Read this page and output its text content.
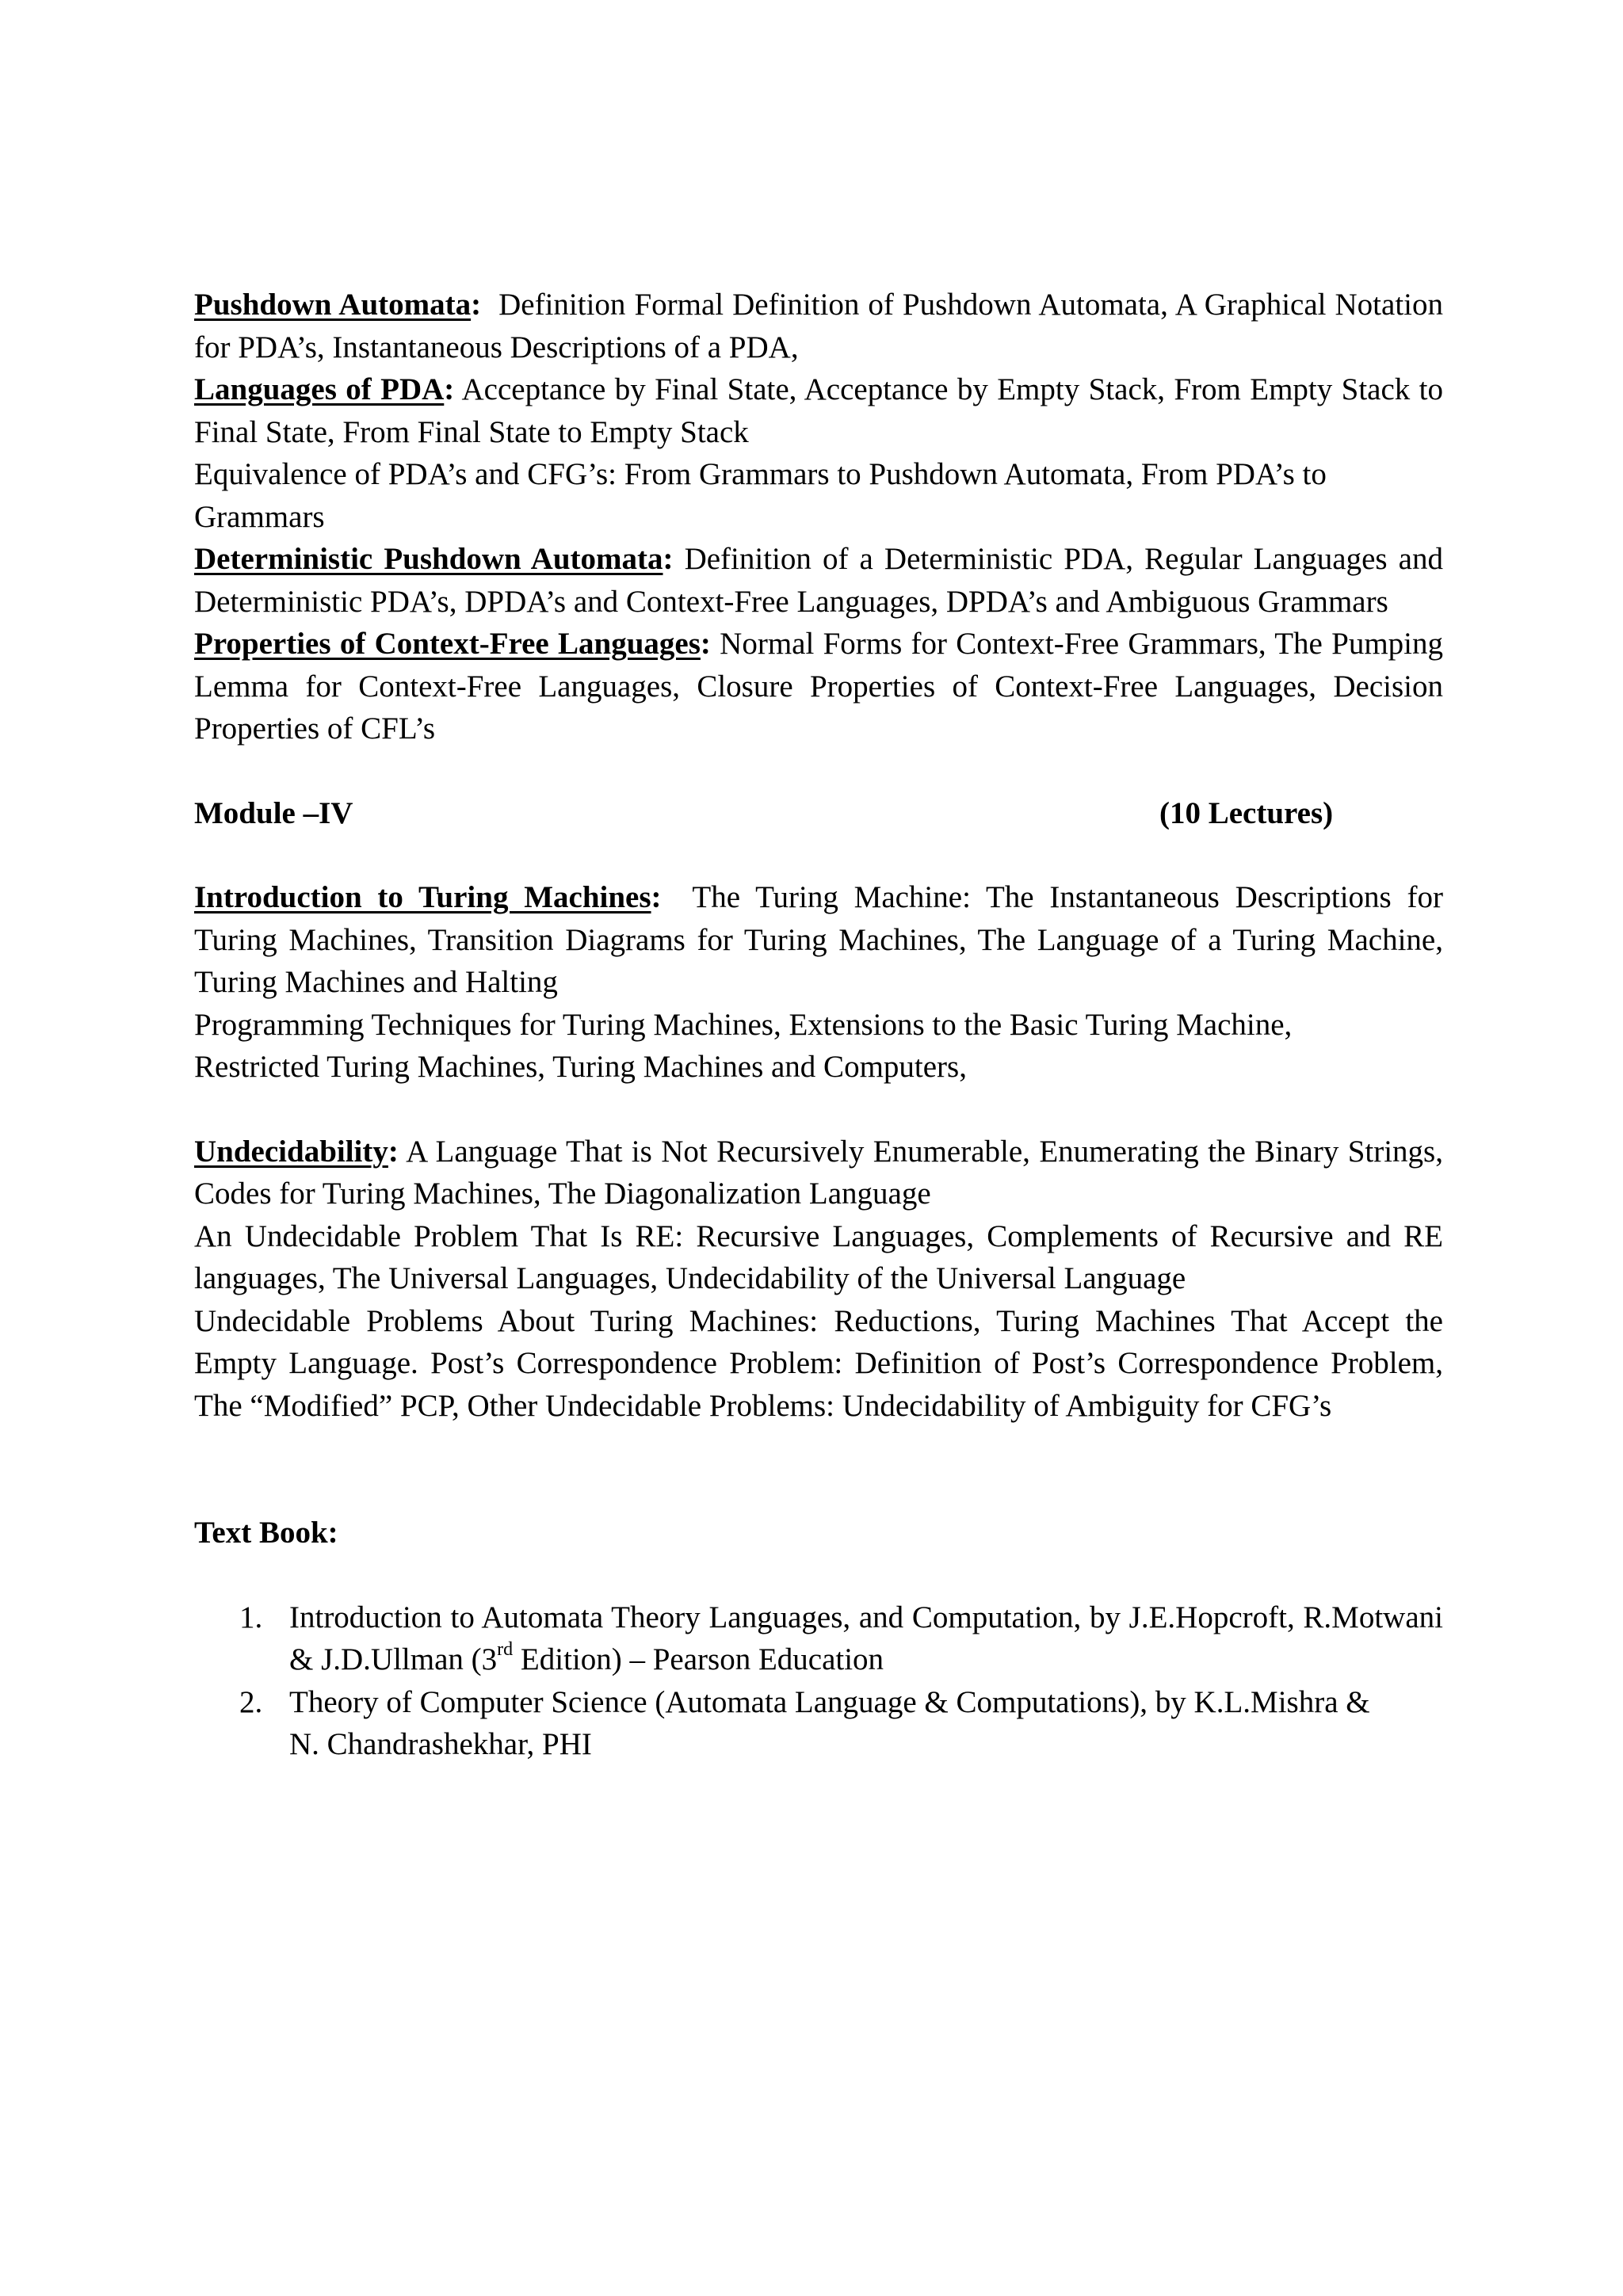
Pushdown Automata:  Definition Formal Definition of Pushdown Automata, A Graphical Notation for PDA’s, Instantaneous Descriptions of a PDA,

Languages of PDA: Acceptance by Final State, Acceptance by Empty Stack, From Empty Stack to Final State, From Final State to Empty Stack

Equivalence of PDA’s and CFG’s: From Grammars to Pushdown Automata, From PDA’s to
Grammars

Deterministic Pushdown Automata: Definition of a Deterministic PDA, Regular Languages and Deterministic PDA’s, DPDA’s and Context-Free Languages, DPDA’s and Ambiguous Grammars

Properties of Context-Free Languages: Normal Forms for Context-Free Grammars, The Pumping Lemma for Context-Free Languages, Closure Properties of Context-Free Languages, Decision Properties of CFL’s

Module –IV	(10 Lectures)

Introduction to Turing Machines:  The Turing Machine: The Instantaneous Descriptions for Turing Machines, Transition Diagrams for Turing Machines, The Language of a Turing Machine, Turing Machines and Halting

Programming Techniques for Turing Machines, Extensions to the Basic Turing Machine,
Restricted Turing Machines, Turing Machines and Computers,

Undecidability: A Language That is Not Recursively Enumerable, Enumerating the Binary Strings, Codes for Turing Machines, The Diagonalization Language

An Undecidable Problem That Is RE: Recursive Languages, Complements of Recursive and RE languages, The Universal Languages, Undecidability of the Universal Language

Undecidable Problems About Turing Machines: Reductions, Turing Machines That Accept the Empty Language. Post’s Correspondence Problem: Definition of Post’s Correspondence Problem, The “Modified” PCP, Other Undecidable Problems: Undecidability of Ambiguity for CFG’s

Text Book:

1. Introduction to Automata Theory Languages, and Computation, by J.E.Hopcroft, R.Motwani & J.D.Ullman (3rd Edition) – Pearson Education
2. Theory of Computer Science (Automata Language & Computations), by K.L.Mishra &
N. Chandrashekhar, PHI
